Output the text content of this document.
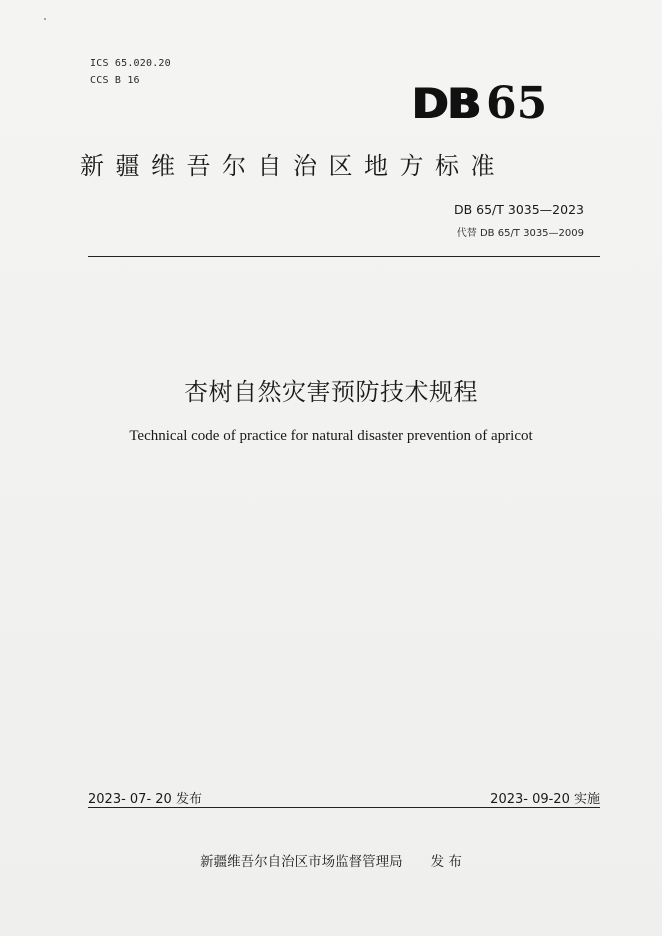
ICS 65.020.20
CCS B 16	DB 65
新疆维吾尔自治区地方标准
DB 65/T 3035—2023
代替 DB 65/T 3035—2009
杏树自然灾害预防技术规程
Technical code of practice for natural disaster prevention of apricot
2023- 07- 20 发布	2023- 09-20 实施
新疆维吾尔自治区市场监督管理局 发 布
